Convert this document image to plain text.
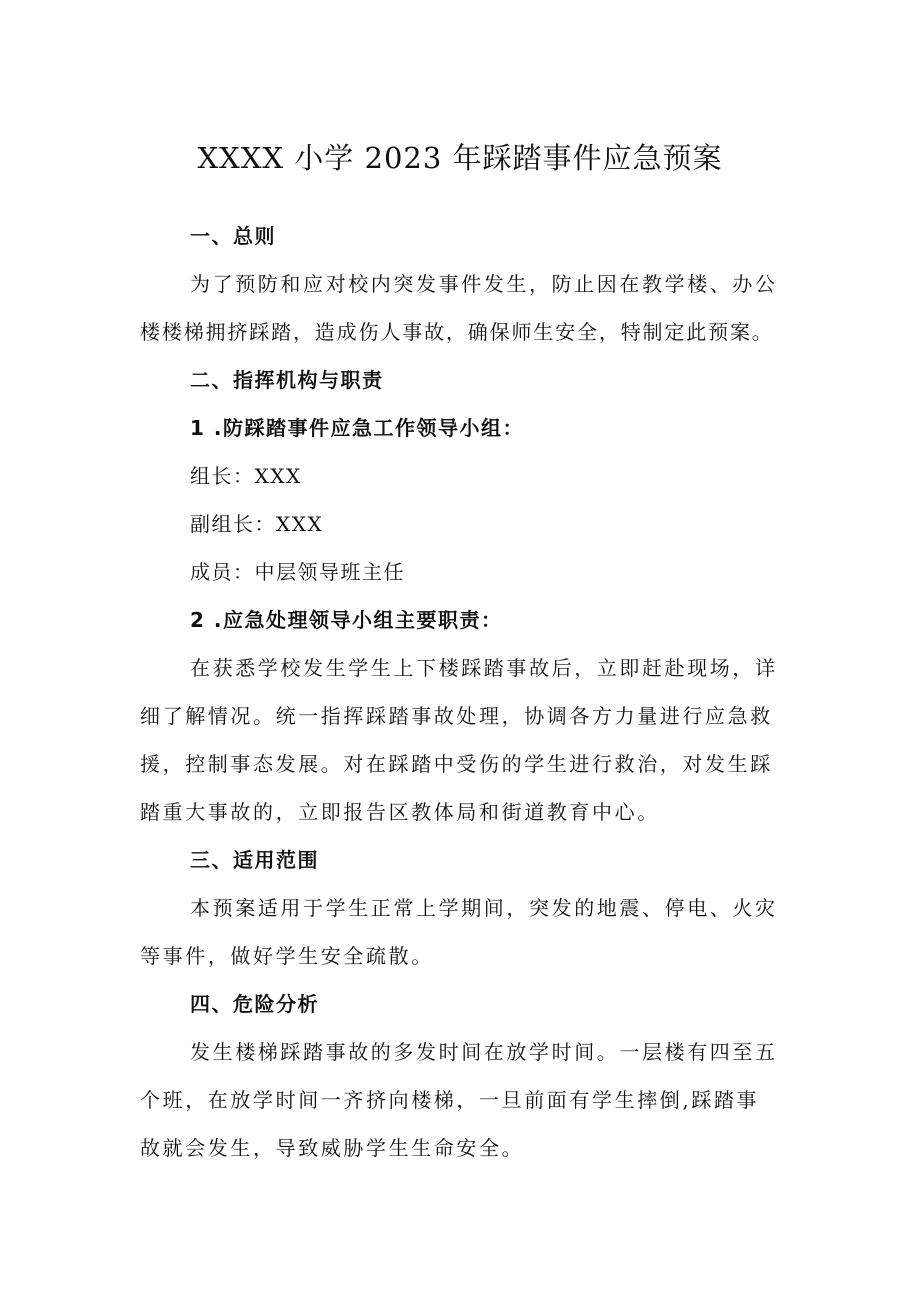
XXXX 小学 2023 年踩踏事件应急预案

一、总则

为了预防和应对校内突发事件发生，防止因在教学楼、办公

楼楼梯拥挤踩踏，造成伤人事故，确保师生安全，特制定此预案。

二、指挥机构与职责

1 .防踩踏事件应急工作领导小组：

组长：XXX

副组长：XXX

成员：中层领导班主任

2 .应急处理领导小组主要职责：

在获悉学校发生学生上下楼踩踏事故后，立即赶赴现场，详

细了解情况。统一指挥踩踏事故处理，协调各方力量进行应急救

援，控制事态发展。对在踩踏中受伤的学生进行救治，对发生踩

踏重大事故的，立即报告区教体局和街道教育中心。

三、适用范围

本预案适用于学生正常上学期间，突发的地震、停电、火灾

等事件，做好学生安全疏散。

四、危险分析

发生楼梯踩踏事故的多发时间在放学时间。一层楼有四至五

个班，在放学时间一齐挤向楼梯，一旦前面有学生摔倒,踩踏事

故就会发生，导致威胁学生生命安全。
